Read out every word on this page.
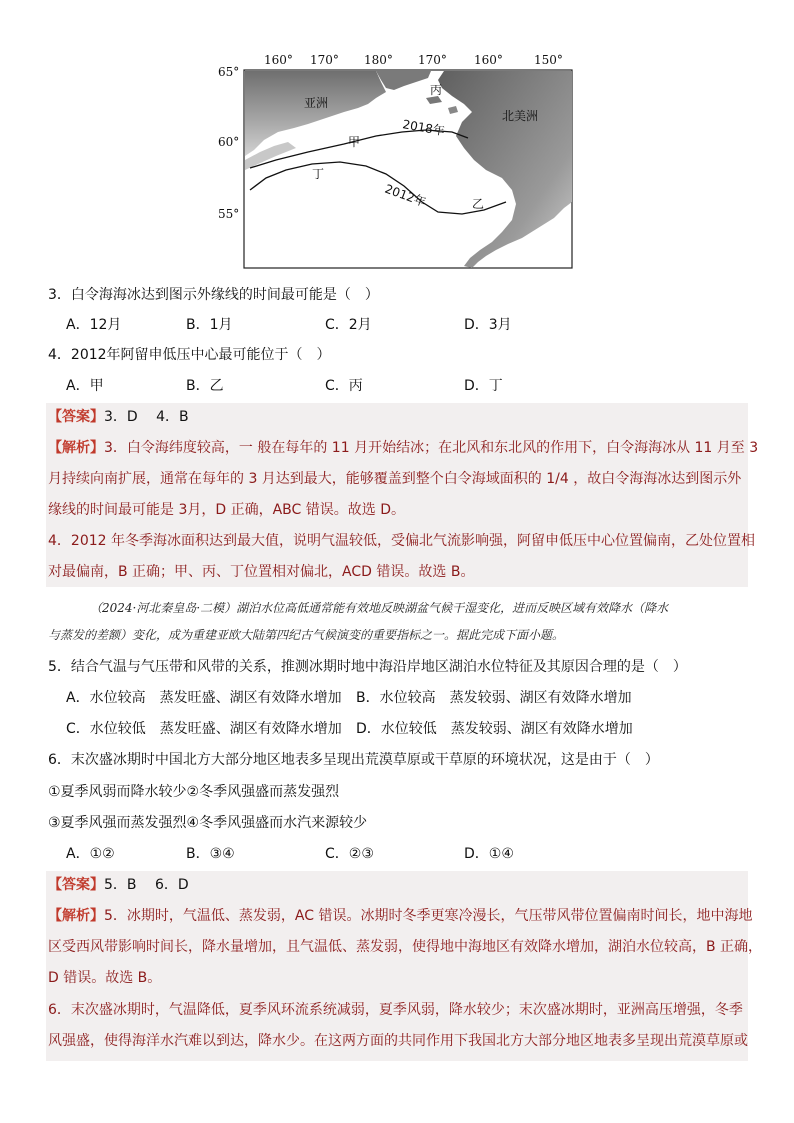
160° 170° 180° 170° 160°	150°
65°
60°
55°
亚洲
北美洲
丙
甲
丁
乙
2018年
2012年
3．白令海海冰达到图示外缘线的时间最可能是（　）
A．12月	B．1月	C．2月	D．3月
4．2012年阿留申低压中心最可能位于（　）
A．甲	B．乙	C．丙	D．丁
【答案】3．D　 4．B
【解析】3．白令海纬度较高，一 般在每年的 11 月开始结冰；在北风和东北风的作用下，白令海海冰从 11 月至 3
月持续向南扩展，通常在每年的 3 月达到最大，能够覆盖到整个白令海域面积的 1/4 ，故白令海海冰达到图示外
缘线的时间最可能是 3月，D 正确，ABC 错误。故选 D。
4．2012 年冬季海冰面积达到最大值，说明气温较低，受偏北气流影响强，阿留申低压中心位置偏南，乙处位置相
对最偏南，B 正确；甲、丙、丁位置相对偏北，ACD 错误。故选 B。
（2024·河北秦皇岛·二模）湖泊水位高低通常能有效地反映湖盆气候干湿变化，进而反映区域有效降水（降水
与蒸发的差额）变化，成为重建亚欧大陆第四纪古气候演变的重要指标之一。据此完成下面小题。
5．结合气温与气压带和风带的关系，推测冰期时地中海沿岸地区湖泊水位特征及其原因合理的是（　）
A．水位较高　蒸发旺盛、湖区有效降水增加 B．水位较高　蒸发较弱、湖区有效降水增加
C．水位较低　蒸发旺盛、湖区有效降水增加 D．水位较低　蒸发较弱、湖区有效降水增加
6．末次盛冰期时中国北方大部分地区地表多呈现出荒漠草原或干草原的环境状况，这是由于（　）
①夏季风弱而降水较少②冬季风强盛而蒸发强烈
③夏季风强而蒸发强烈④冬季风强盛而水汽来源较少
A．①②	B．③④	C．②③	D．①④
【答案】5．B　 6．D
【解析】5．冰期时，气温低、蒸发弱，AC 错误。冰期时冬季更寒冷漫长，气压带风带位置偏南时间长，地中海地
区受西风带影响时间长，降水量增加，且气温低、蒸发弱，使得地中海地区有效降水增加，湖泊水位较高，B 正确，
D 错误。故选 B。
6．末次盛冰期时，气温降低，夏季风环流系统减弱，夏季风弱，降水较少；末次盛冰期时，亚洲高压增强，冬季
风强盛，使得海洋水汽难以到达，降水少。在这两方面的共同作用下我国北方大部分地区地表多呈现出荒漠草原或
